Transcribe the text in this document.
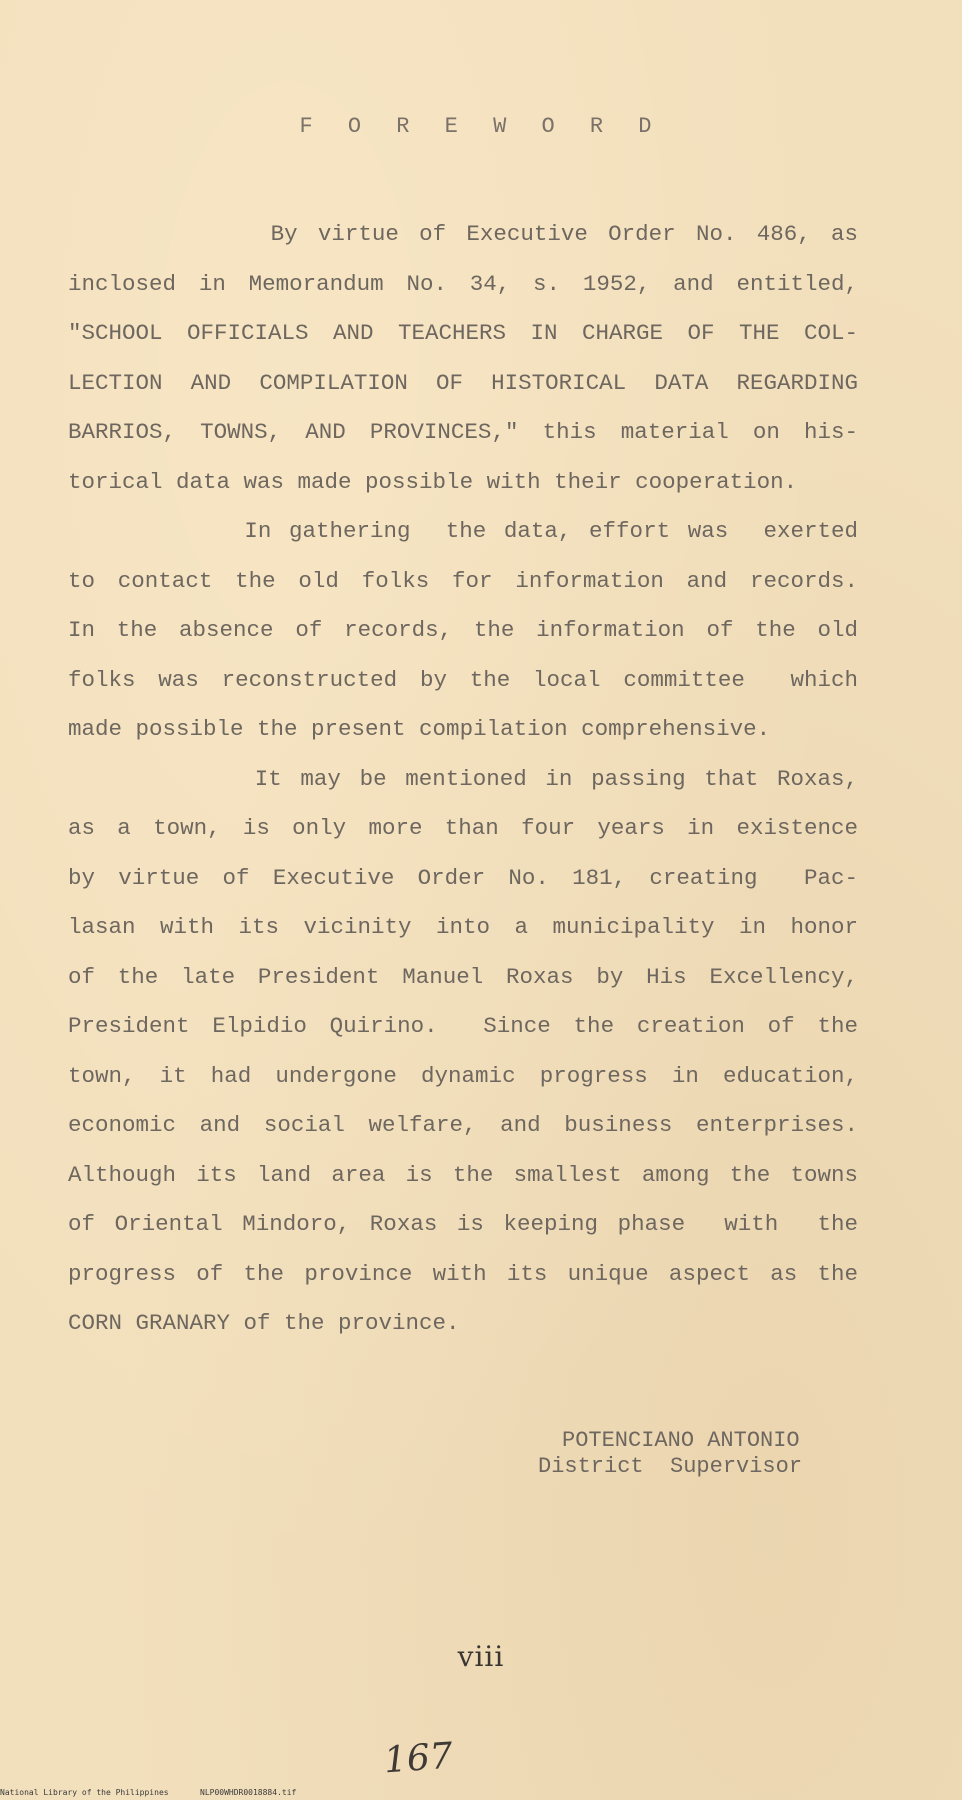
F O R E W O R D

By virtue of Executive Order No. 486, as
inclosed in Memorandum No. 34, s. 1952, and entitled,
"SCHOOL OFFICIALS AND TEACHERS IN CHARGE OF THE COL-
LECTION AND COMPILATION OF HISTORICAL DATA REGARDING
BARRIOS, TOWNS, AND PROVINCES," this material on his-
torical data was made possible with their cooperation.

In gathering  the data, effort was  exerted
to contact the old folks for information and records.
In the absence of records, the information of the old
folks was reconstructed by the local committee  which
made possible the present compilation comprehensive.

It may be mentioned in passing that Roxas,
as a town, is only more than four years in existence
by virtue of Executive Order No. 181, creating  Pac-
lasan with its vicinity into a municipality in honor
of the late President Manuel Roxas by His Excellency,
President Elpidio Quirino.  Since the creation of the
town, it had undergone dynamic progress in education,
economic and social welfare, and business enterprises.
Although its land area is the smallest among the towns
of Oriental Mindoro, Roxas is keeping phase  with  the
progress of the province with its unique aspect as the
CORN GRANARY of the province.

POTENCIANO ANTONIO
District  Supervisor
viii
167
National Library of the Philippines	NLP00WHDR0018884.tif
